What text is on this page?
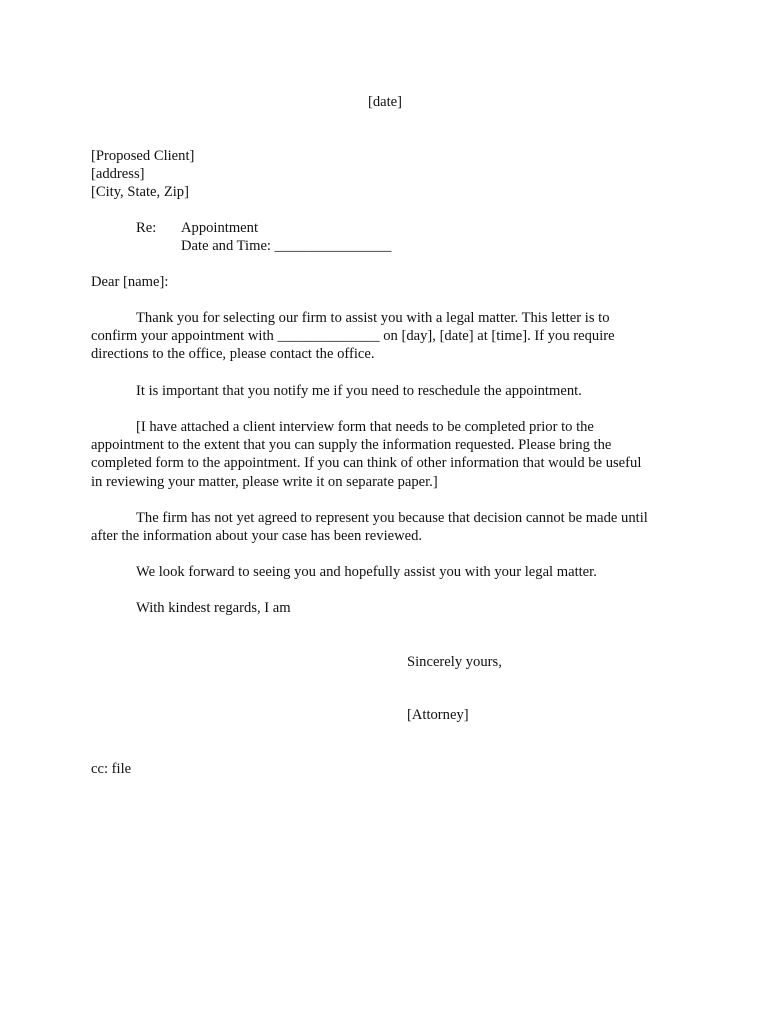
[date]
[Proposed Client]
[address]
[City, State, Zip]
Re: Appointment
Date and Time: ________________
Dear [name]:
Thank you for selecting our firm to assist you with a legal matter. This letter is to
confirm your appointment with ______________ on [day], [date] at [time]. If you require
directions to the office, please contact the office.
It is important that you notify me if you need to reschedule the appointment.
[I have attached a client interview form that needs to be completed prior to the
appointment to the extent that you can supply the information requested. Please bring the
completed form to the appointment. If you can think of other information that would be useful
in reviewing your matter, please write it on separate paper.]
The firm has not yet agreed to represent you because that decision cannot be made until
after the information about your case has been reviewed.
We look forward to seeing you and hopefully assist you with your legal matter.
With kindest regards, I am
Sincerely yours,
[Attorney]
cc: file
